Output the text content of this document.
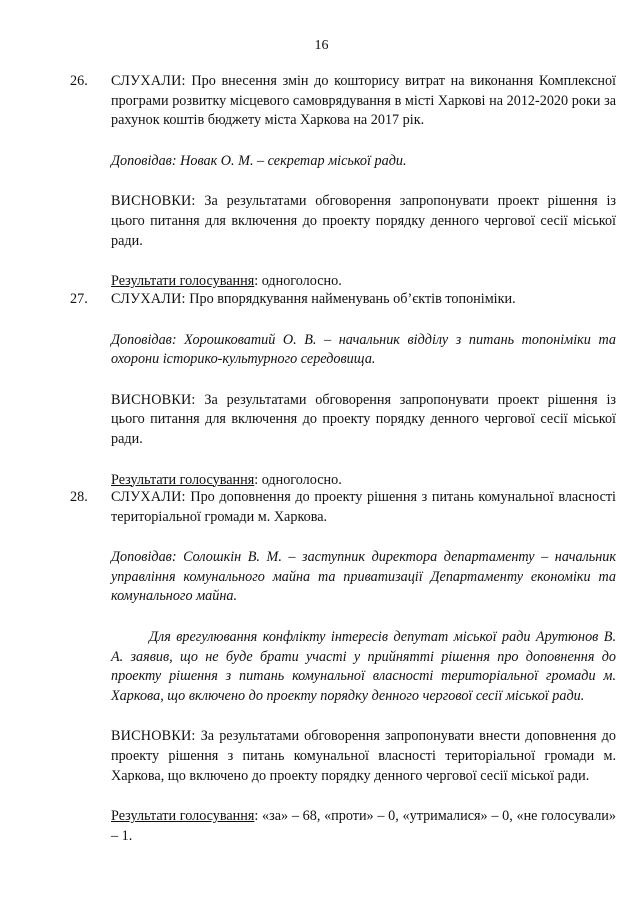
16
26. СЛУХАЛИ: Про внесення змін до кошторису витрат на виконання Комплексної програми розвитку місцевого самоврядування в місті Харкові на 2012-2020 роки за рахунок коштів бюджету міста Харкова на 2017 рік.
Доповідав: Новак О. М. – секретар міської ради.
ВИСНОВКИ: За результатами обговорення запропонувати проект рішення із цього питання для включення до проекту порядку денного чергової сесії міської ради.
Результати голосування: одноголосно.
27. СЛУХАЛИ: Про впорядкування найменувань об’єктів топоніміки.
Доповідав: Хорошковатий О. В. – начальник відділу з питань топоніміки та охорони історико-культурного середовища.
ВИСНОВКИ: За результатами обговорення запропонувати проект рішення із цього питання для включення до проекту порядку денного чергової сесії міської ради.
Результати голосування: одноголосно.
28. СЛУХАЛИ: Про доповнення до проекту рішення з питань комунальної власності територіальної громади м. Харкова.
Доповідав: Солошкін В. М. – заступник директора департаменту – начальник управління комунального майна та приватизації Департаменту економіки та комунального майна.
Для врегулювання конфлікту інтересів депутат міської ради Арутюнов В. А. заявив, що не буде брати участі у прийнятті рішення про доповнення до проекту рішення з питань комунальної власності територіальної громади м. Харкова, що включено до проекту порядку денного чергової сесії міської ради.
ВИСНОВКИ: За результатами обговорення запропонувати внести доповнення до проекту рішення з питань комунальної власності територіальної громади м. Харкова, що включено до проекту порядку денного чергової сесії міської ради.
Результати голосування: «за» – 68, «проти» – 0, «утрималися» – 0, «не голосували» – 1.
